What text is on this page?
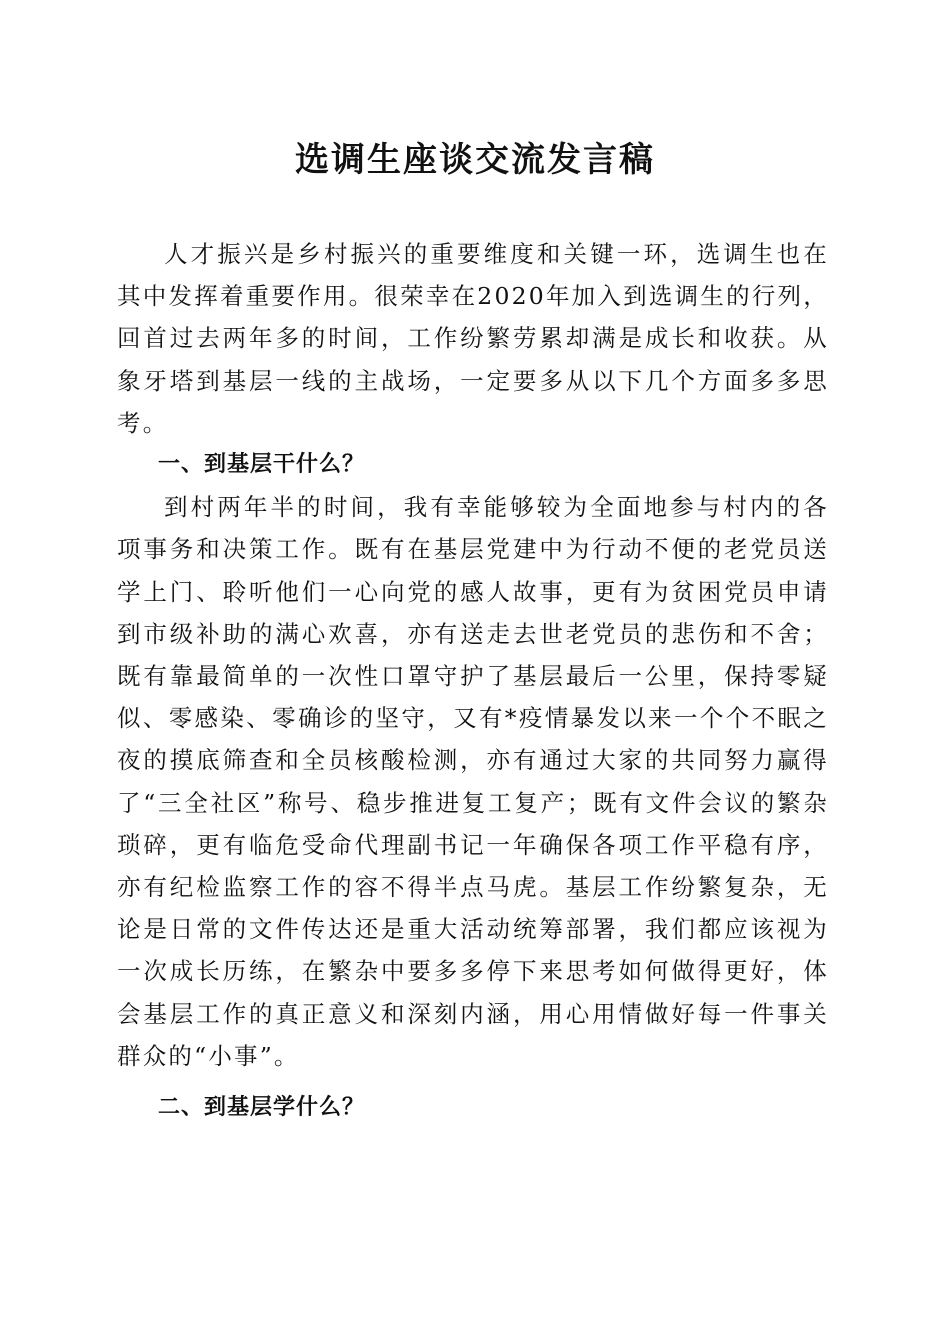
选调生座谈交流发言稿

人才振兴是乡村振兴的重要维度和关键一环，选调生也在其中发挥着重要作用。很荣幸在2020年加入到选调生的行列，回首过去两年多的时间，工作纷繁劳累却满是成长和收获。从象牙塔到基层一线的主战场，一定要多从以下几个方面多多思考。

一、到基层干什么？

到村两年半的时间，我有幸能够较为全面地参与村内的各项事务和决策工作。既有在基层党建中为行动不便的老党员送学上门、聆听他们一心向党的感人故事，更有为贫困党员申请到市级补助的满心欢喜，亦有送走去世老党员的悲伤和不舍；既有靠最简单的一次性口罩守护了基层最后一公里，保持零疑似、零感染、零确诊的坚守，又有*疫情暴发以来一个个不眠之夜的摸底筛查和全员核酸检测，亦有通过大家的共同努力赢得了“三全社区”称号、稳步推进复工复产；既有文件会议的繁杂琐碎，更有临危受命代理副书记一年确保各项工作平稳有序，亦有纪检监察工作的容不得半点马虎。基层工作纷繁复杂，无论是日常的文件传达还是重大活动统筹部署，我们都应该视为一次成长历练，在繁杂中要多多停下来思考如何做得更好，体会基层工作的真正意义和深刻内涵，用心用情做好每一件事关群众的“小事”。

二、到基层学什么？
